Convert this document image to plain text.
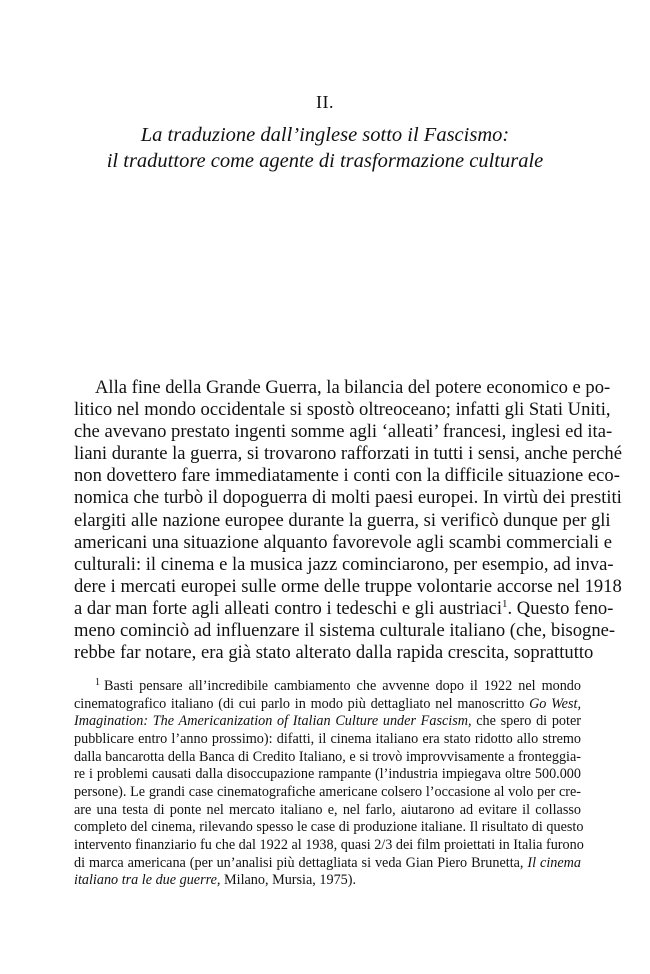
II.
La traduzione dall’inglese sotto il Fascismo:
il traduttore come agente di trasformazione culturale
Alla fine della Grande Guerra, la bilancia del potere economico e po-
litico nel mondo occidentale si spostò oltreoceano; infatti gli Stati Uniti,
che avevano prestato ingenti somme agli ‘alleati’ francesi, inglesi ed ita-
liani durante la guerra, si trovarono rafforzati in tutti i sensi, anche perché
non dovettero fare immediatamente i conti con la difficile situazione eco-
nomica che turbò il dopoguerra di molti paesi europei. In virtù dei prestiti
elargiti alle nazione europee durante la guerra, si verificò dunque per gli
americani una situazione alquanto favorevole agli scambi commerciali e
culturali: il cinema e la musica jazz cominciarono, per esempio, ad inva-
dere i mercati europei sulle orme delle truppe volontarie accorse nel 1918
a dar man forte agli alleati contro i tedeschi e gli austriaci$^1$. Questo feno-
meno cominciò ad influenzare il sistema culturale italiano (che, bisogne-
rebbe far notare, era già stato alterato dalla rapida crescita, soprattutto
$^1$ Basti pensare all’incredibile cambiamento che avvenne dopo il 1922 nel mondo
cinematografico italiano (di cui parlo in modo più dettagliato nel manoscritto Go West,
Imagination: The Americanization of Italian Culture under Fascism, che spero di poter
pubblicare entro l’anno prossimo): difatti, il cinema italiano era stato ridotto allo stremo
dalla bancarotta della Banca di Credito Italiano, e si trovò improvvisamente a fronteggia-
re i problemi causati dalla disoccupazione rampante (l’industria impiegava oltre 500.000
persone). Le grandi case cinematografiche americane colsero l’occasione al volo per cre-
are una testa di ponte nel mercato italiano e, nel farlo, aiutarono ad evitare il collasso
completo del cinema, rilevando spesso le case di produzione italiane. Il risultato di questo
intervento finanziario fu che dal 1922 al 1938, quasi 2/3 dei film proiettati in Italia furono
di marca americana (per un’analisi più dettagliata si veda Gian Piero Brunetta, Il cinema
italiano tra le due guerre, Milano, Mursia, 1975).
